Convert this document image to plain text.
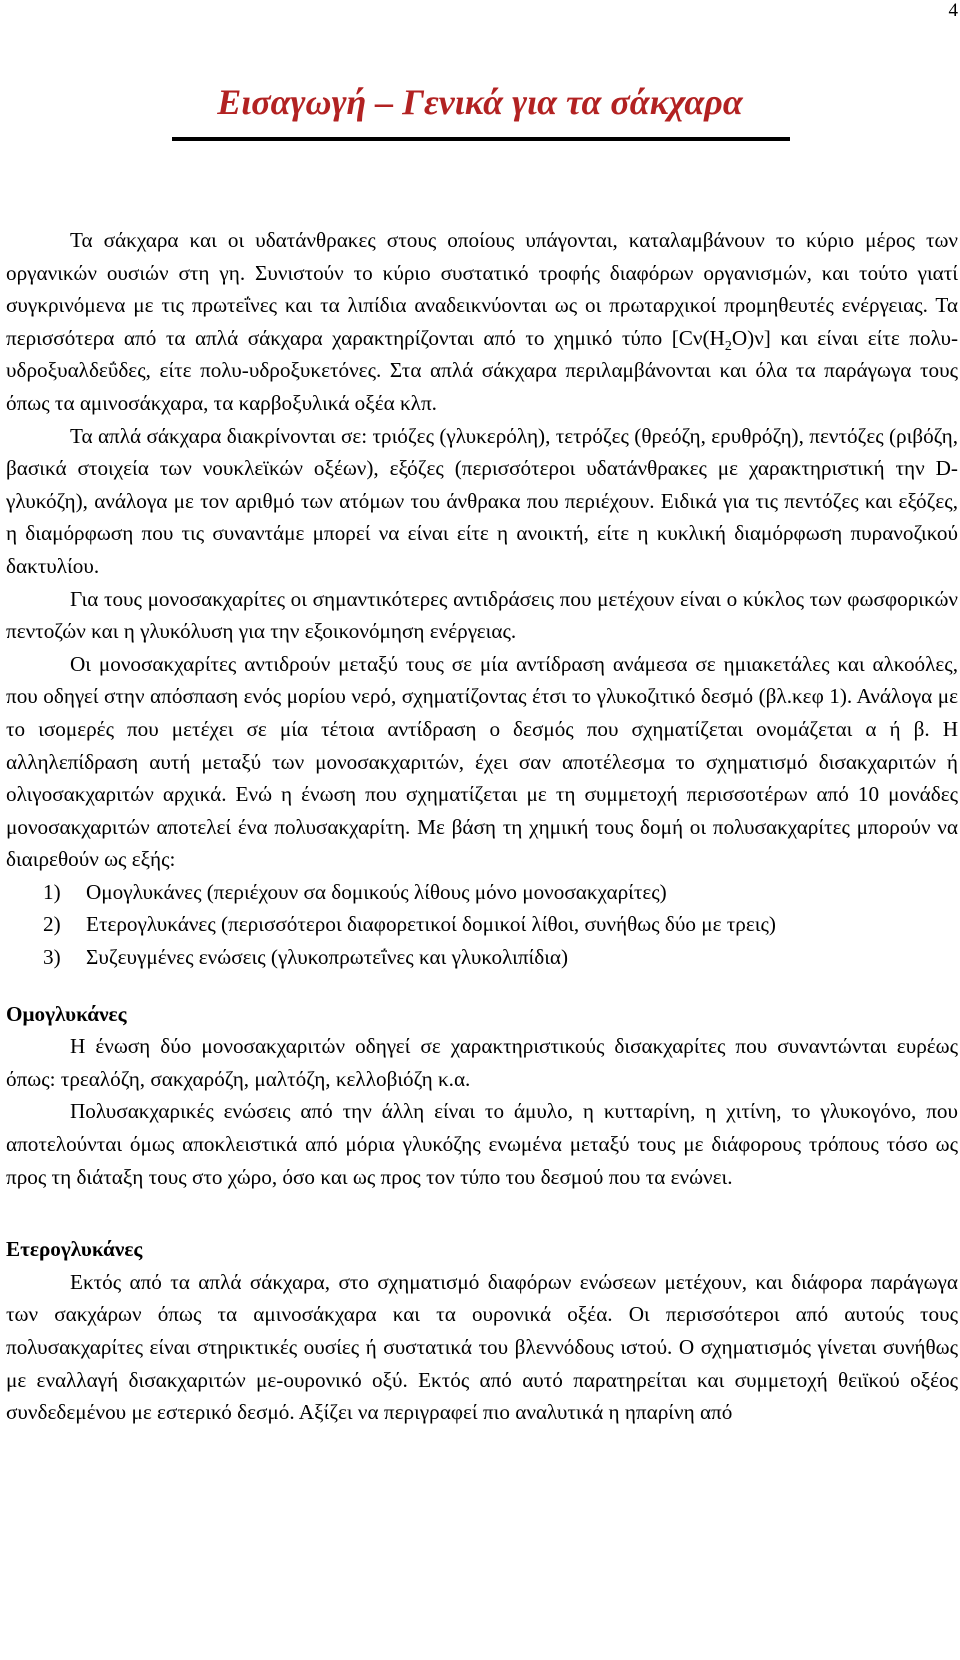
4
Εισαγωγή – Γενικά για τα σάκχαρα

Τα σάκχαρα και οι υδατάνθρακες στους οποίους υπάγονται, καταλαμβάνουν το κύριο μέρος των οργανικών ουσιών στη γη. Συνιστούν το κύριο συστατικό τροφής διαφόρων οργανισμών, και τούτο γιατί συγκρινόμενα με τις πρωτεΐνες και τα λιπίδια αναδεικνύονται ως οι πρωταρχικοί προμηθευτές ενέργειας. Τα περισσότερα από τα απλά σάκχαρα χαρακτηρίζονται από το χημικό τύπο $[C\nu(H_2O)\nu]$ και είναι είτε πολυ-υδροξυαλδεΰδες, είτε πολυ-υδροξυκετόνες. Στα απλά σάκχαρα περιλαμβάνονται και όλα τα παράγωγα τους όπως τα αμινοσάκχαρα, τα καρβοξυλικά οξέα κλπ.

Τα απλά σάκχαρα διακρίνονται σε: τριόζες (γλυκερόλη), τετρόζες (θρεόζη, ερυθρόζη), πεντόζες (ριβόζη, βασικά στοιχεία των νουκλεϊκών οξέων), εξόζες (περισσότεροι υδατάνθρακες με χαρακτηριστική την D-γλυκόζη), ανάλογα με τον αριθμό των ατόμων του άνθρακα που περιέχουν. Ειδικά για τις πεντόζες και εξόζες, η διαμόρφωση που τις συναντάμε μπορεί να είναι είτε η ανοικτή, είτε η κυκλική διαμόρφωση πυρανοζικού δακτυλίου.

Για τους μονοσακχαρίτες οι σημαντικότερες αντιδράσεις που μετέχουν είναι ο κύκλος των φωσφορικών πεντοζών και η γλυκόλυση για την εξοικονόμηση ενέργειας.

Οι μονοσακχαρίτες αντιδρούν μεταξύ τους σε μία αντίδραση ανάμεσα σε ημιακετάλες και αλκοόλες, που οδηγεί στην απόσπαση ενός μορίου νερό, σχηματίζοντας έτσι το γλυκοζιτικό δεσμό (βλ.κεφ 1). Ανάλογα με το ισομερές που μετέχει σε μία τέτοια αντίδραση ο δεσμός που σχηματίζεται ονομάζεται α ή β. Η αλληλεπίδραση αυτή μεταξύ των μονοσακχαριτών, έχει σαν αποτέλεσμα το σχηματισμό δισακχαριτών ή ολιγοσακχαριτών αρχικά. Ενώ η ένωση που σχηματίζεται με τη συμμετοχή περισσοτέρων από 10 μονάδες μονοσακχαριτών αποτελεί ένα πολυσακχαρίτη. Με βάση τη χημική τους δομή οι πολυσακχαρίτες μπορούν να διαιρεθούν ως εξής:

1) Ομογλυκάνες (περιέχουν σα δομικούς λίθους μόνο μονοσακχαρίτες)
2) Ετερογλυκάνες (περισσότεροι διαφορετικοί δομικοί λίθοι, συνήθως δύο με τρεις)
3) Συζευγμένες ενώσεις (γλυκοπρωτεΐνες και γλυκολιπίδια)
Ομογλυκάνες

Η ένωση δύο μονοσακχαριτών οδηγεί σε χαρακτηριστικούς δισακχαρίτες που συναντώνται ευρέως όπως: τρεαλόζη, σακχαρόζη, μαλτόζη, κελλοβιόζη κ.α.

Πολυσακχαρικές ενώσεις από την άλλη είναι το άμυλο, η κυτταρίνη, η χιτίνη, το γλυκογόνο, που αποτελούνται όμως αποκλειστικά από μόρια γλυκόζης ενωμένα μεταξύ τους με διάφορους τρόπους τόσο ως προς τη διάταξη τους στο χώρο, όσο και ως προς τον τύπο του δεσμού που τα ενώνει.

Ετερογλυκάνες

Εκτός από τα απλά σάκχαρα, στο σχηματισμό διαφόρων ενώσεων μετέχουν, και διάφορα παράγωγα των σακχάρων όπως τα αμινοσάκχαρα και τα ουρονικά οξέα. Οι περισσότεροι από αυτούς τους πολυσακχαρίτες είναι στηρικτικές ουσίες ή συστατικά του βλεννόδους ιστού. Ο σχηματισμός γίνεται συνήθως με εναλλαγή δισακχαριτών με-ουρονικό οξύ. Εκτός από αυτό παρατηρείται και συμμετοχή θειϊκού οξέος συνδεδεμένου με εστερικό δεσμό. Αξίζει να περιγραφεί πιο αναλυτικά η ηπαρίνη από
